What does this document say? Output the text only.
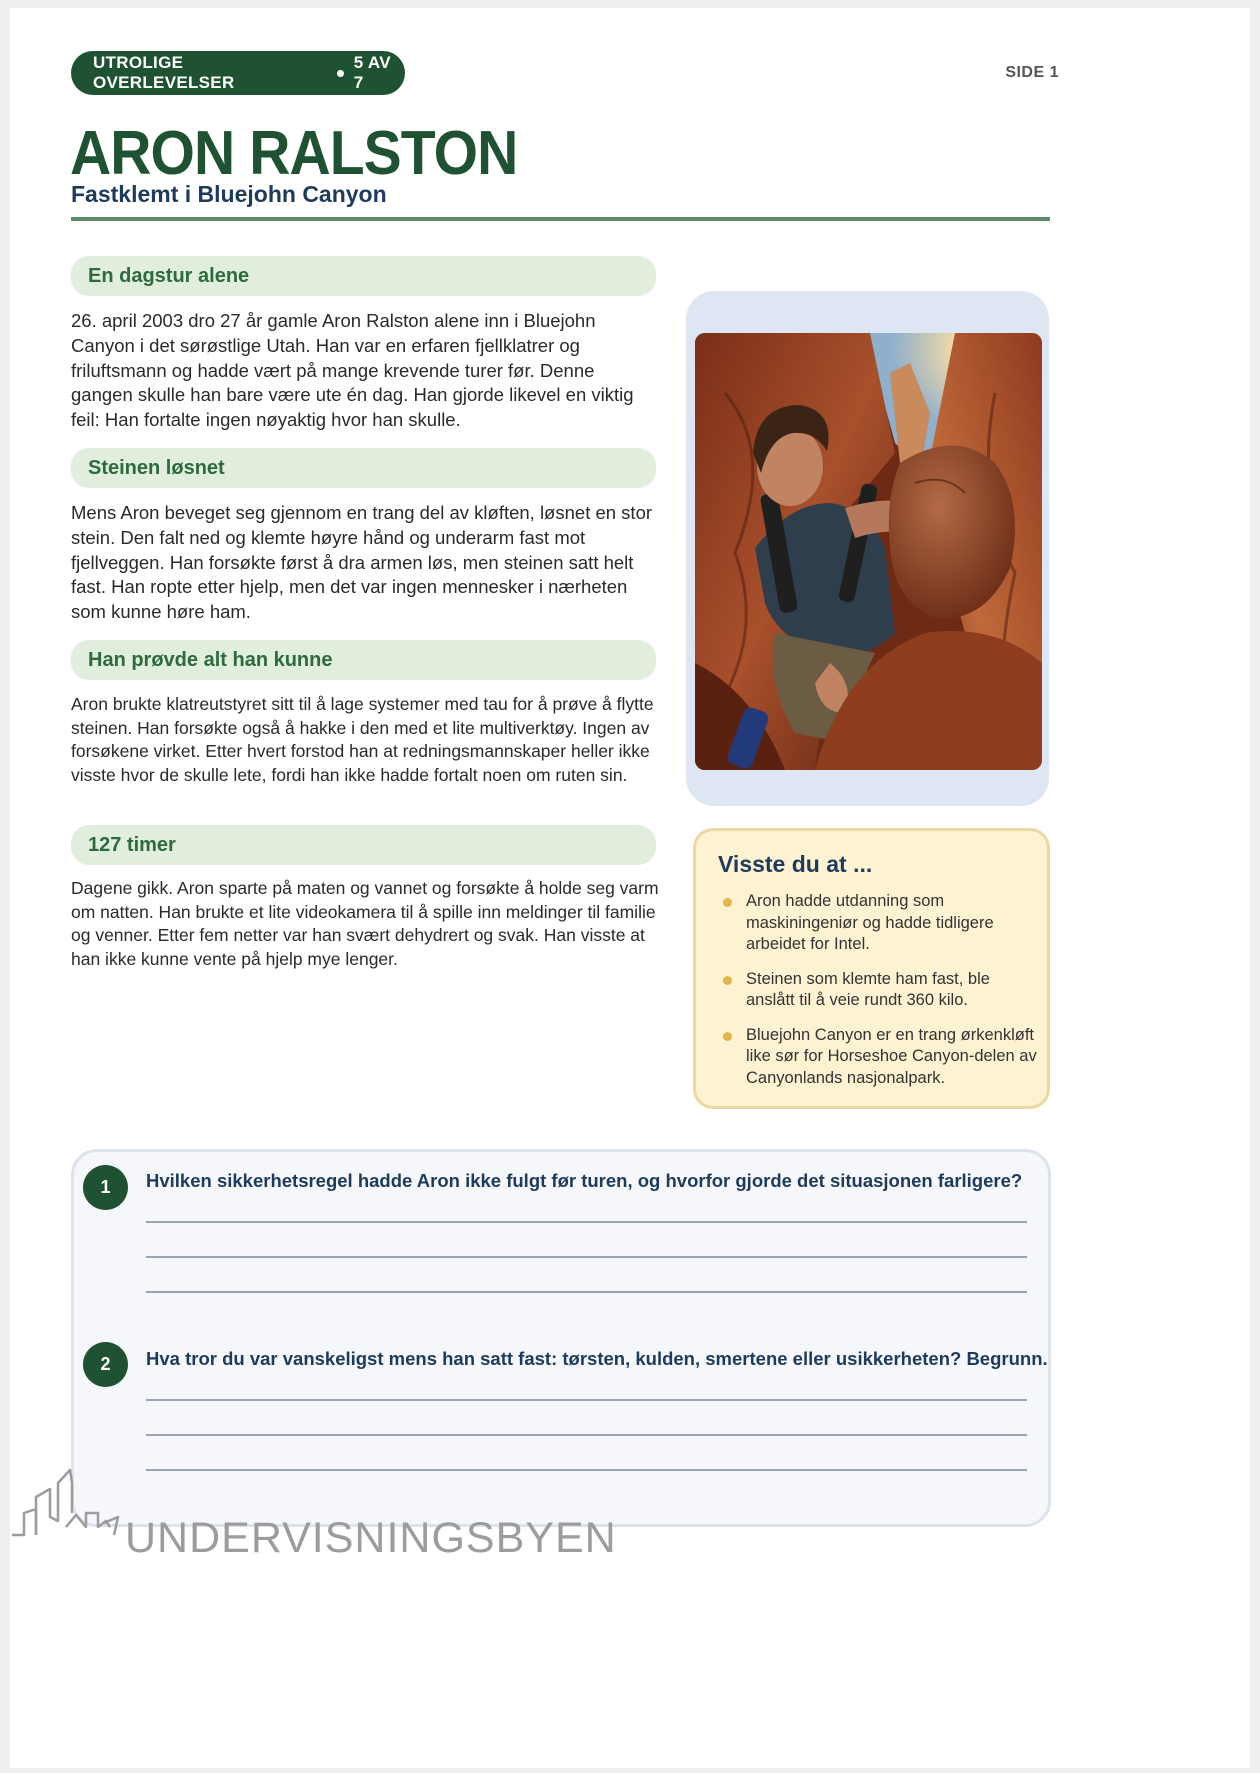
UTROLIGE OVERLEVELSER
5 AV 7
SIDE 1
ARON RALSTON
Fastklemt i Bluejohn Canyon
En dagstur alene
26. april 2003 dro 27 år gamle Aron Ralston alene inn i Bluejohn Canyon i det sørøstlige Utah. Han var en erfaren fjellklatrer og friluftsmann og hadde vært på mange krevende turer før. Denne gangen skulle han bare være ute én dag. Han gjorde likevel en viktig feil: Han fortalte ingen nøyaktig hvor han skulle.
Steinen løsnet
Mens Aron beveget seg gjennom en trang del av kløften, løsnet en stor stein. Den falt ned og klemte høyre hånd og underarm fast mot fjellveggen. Han forsøkte først å dra armen løs, men steinen satt helt fast. Han ropte etter hjelp, men det var ingen mennesker i nærheten som kunne høre ham.
Han prøvde alt han kunne
Aron brukte klatreutstyret sitt til å lage systemer med tau for å prøve å flytte steinen. Han forsøkte også å hakke i den med et lite multiverktøy. Ingen av forsøkene virket. Etter hvert forstod han at redningsmannskaper heller ikke visste hvor de skulle lete, fordi han ikke hadde fortalt noen om ruten sin.
127 timer
Dagene gikk. Aron sparte på maten og vannet og forsøkte å holde seg varm om natten. Han brukte et lite videokamera til å spille inn meldinger til familie og venner. Etter fem netter var han svært dehydrert og svak. Han visste at han ikke kunne vente på hjelp mye lenger.
Visste du at ...
Aron hadde utdanning som maskiningeniør og hadde tidligere arbeidet for Intel.
Steinen som klemte ham fast, ble anslått til å veie rundt 360 kilo.
Bluejohn Canyon er en trang ørkenkløft like sør for Horseshoe Canyon-delen av Canyonlands nasjonalpark.
1	Hvilken sikkerhetsregel hadde Aron ikke fulgt før turen, og hvorfor gjorde det situasjonen farligere?
2	Hva tror du var vanskeligst mens han satt fast: tørsten, kulden, smertene eller usikkerheten? Begrunn.
UNDERVISNINGSBYEN
